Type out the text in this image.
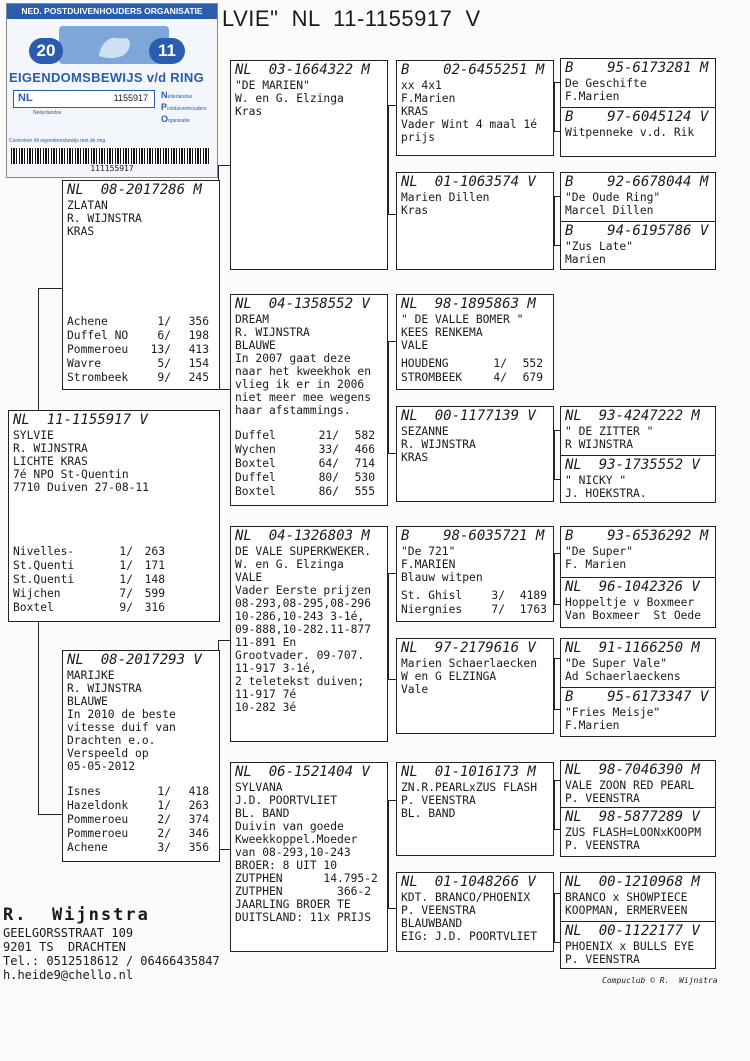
LVIE"  NL  11-1155917  V
NED. POSTDUIVENHOUDERS ORGANISATIE
20	11
EIGENDOMSBEWIJS v/d RING
NL	1155917
Nederlandse
Nederlandse
Postduivenhouders
Organisatie
Controleer dit eigendomsbewijs met de ring
111155917
NL  11-1155917 V
SYLVIE
R. WIJNSTRA
LICHTE KRAS
7é NPO St-Quentin
7710 Duiven 27-08-11
Nivelles-	1/	263
St.Quenti	1/	171
St.Quenti	1/	148
Wijchen	7/	599
Boxtel	9/	316
NL  08-2017286 M
ZLATAN
R. WIJNSTRA
KRAS
Achene	1/	356
Duffel NO	6/	198
Pommeroeu	13/	413
Wavre	5/	154
Strombeek	9/	245
NL  08-2017293 V
MARIJKE
R. WIJNSTRA
BLAUWE
In 2010 de beste
vitesse duif van
Drachten e.o.
Verspeeld op
05-05-2012
Isnes	1/	418
Hazeldonk	1/	263
Pommeroeu	2/	374
Pommeroeu	2/	346
Achene	3/	356
NL  03-1664322 M
"DE MARIEN"
W. en G. Elzinga
Kras
NL  04-1358552 V
DREAM
R. WIJNSTRA
BLAUWE
In 2007 gaat deze
naar het kweekhok en
vlieg ik er in 2006
niet meer mee wegens
haar afstammings.
Duffel	21/	582
Wychen	33/	466
Boxtel	64/	714
Duffel	80/	530
Boxtel	86/	555
NL  04-1326803 M
DE VALE SUPERKWEKER.
W. en G. Elzinga
VALE
Vader Eerste prijzen
08-293,08-295,08-296
10-286,10-243 3-1é,
09-888,10-282.11-877
11-891 En
Grootvader. 09-707.
11-917 3-1é,
2 teletekst duiven;
11-917 7é
10-282 3é
NL  06-1521404 V
SYLVANA
J.D. POORTVLIET
BL. BAND
Duivin van goede
Kweekkoppel.Moeder
van 08-293,10-243
BROER: 8 UIT 10
ZUTPHEN      14.795-2
ZUTPHEN        366-2
JAARLING BROER TE
DUITSLAND: 11x PRIJS
B    02-6455251 M
xx 4x1
F.Marien
KRAS
Vader Wint 4 maal 1é
prijs
NL  01-1063574 V
Marien Dillen
Kras
NL  98-1895863 M
" DE VALLE BOMER "
KEES RENKEMA
VALE
HOUDENG	1/	552
STROMBEEK	4/	679
NL  00-1177139 V
SEZANNE
R. WIJNSTRA
KRAS
B    98-6035721 M
"De 721"
F.MARIEN
Blauw witpen
St. Ghisl	3/	4189
Niergnies	7/	1763
NL  97-2179616 V
Marien Schaerlaecken
W en G ELZINGA
Vale
NL  01-1016173 M
ZN.R.PEARLxZUS FLASH
P. VEENSTRA
BL. BAND
NL  01-1048266 V
KDT. BRANCO/PHOENIX
P. VEENSTRA
BLAUWBAND
EIG: J.D. POORTVLIET
B    95-6173281 M
De Geschifte
F.Marien
B    97-6045124 V
Witpenneke v.d. Rik
B    92-6678044 M
"De Oude Ring"
Marcel Dillen
B    94-6195786 V
"Zus Late"
Marien
NL  93-4247222 M
" DE ZITTER "
R WIJNSTRA
NL  93-1735552 V
" NICKY "
J. HOEKSTRA.
B    93-6536292 M
"De Super"
F. Marien
NL  96-1042326 V
Hoppeltje v Boxmeer
Van Boxmeer  St Oede
NL  91-1166250 M
"De Super Vale"
Ad Schaerlaeckens
B    95-6173347 V
"Fries Meisje"
F.Marien
NL  98-7046390 M
VALE ZOON RED PEARL
P. VEENSTRA
NL  98-5877289 V
ZUS FLASH=LOONxKOOPM
P. VEENSTRA
NL  00-1210968 M
BRANCO x SHOWPIECE
KOOPMAN, ERMERVEEN
NL  00-1122177 V
PHOENIX x BULLS EYE
P. VEENSTRA
R.  Wijnstra
GEELGORSSTRAAT 109
9201 TS  DRACHTEN
Tel.: 0512518612 / 06466435847
h.heide9@chello.nl	Compuclub © R.  Wijnstra
